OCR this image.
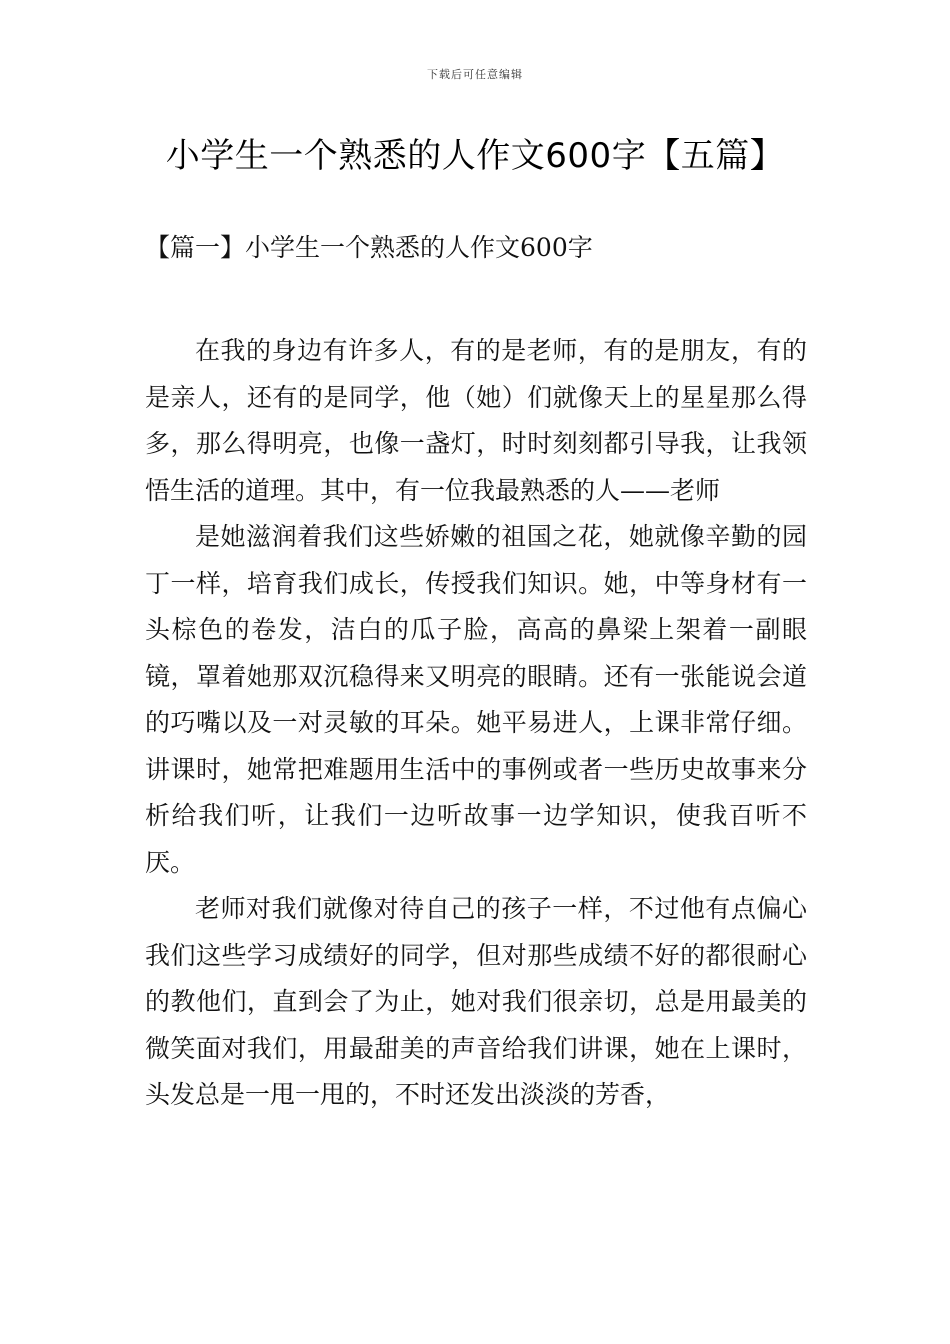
下载后可任意编辑
小学生一个熟悉的人作文600字【五篇】
【篇一】小学生一个熟悉的人作文600字

在我的身边有许多人，有的是老师，有的是朋友，有的是亲人，还有的是同学，他（她）们就像天上的星星那么得多，那么得明亮，也像一盏灯，时时刻刻都引导我，让我领悟生活的道理。其中，有一位我最熟悉的人——老师

是她滋润着我们这些娇嫩的祖国之花，她就像辛勤的园丁一样，培育我们成长，传授我们知识。她，中等身材有一头棕色的卷发，洁白的瓜子脸，高高的鼻梁上架着一副眼镜，罩着她那双沉稳得来又明亮的眼睛。还有一张能说会道的巧嘴以及一对灵敏的耳朵。她平易进人，上课非常仔细。讲课时，她常把难题用生活中的事例或者一些历史故事来分析给我们听，让我们一边听故事一边学知识，使我百听不厌。

老师对我们就像对待自己的孩子一样，不过他有点偏心我们这些学习成绩好的同学，但对那些成绩不好的都很耐心的教他们，直到会了为止，她对我们很亲切，总是用最美的微笑面对我们，用最甜美的声音给我们讲课，她在上课时，头发总是一甩一甩的，不时还发出淡淡的芳香，
